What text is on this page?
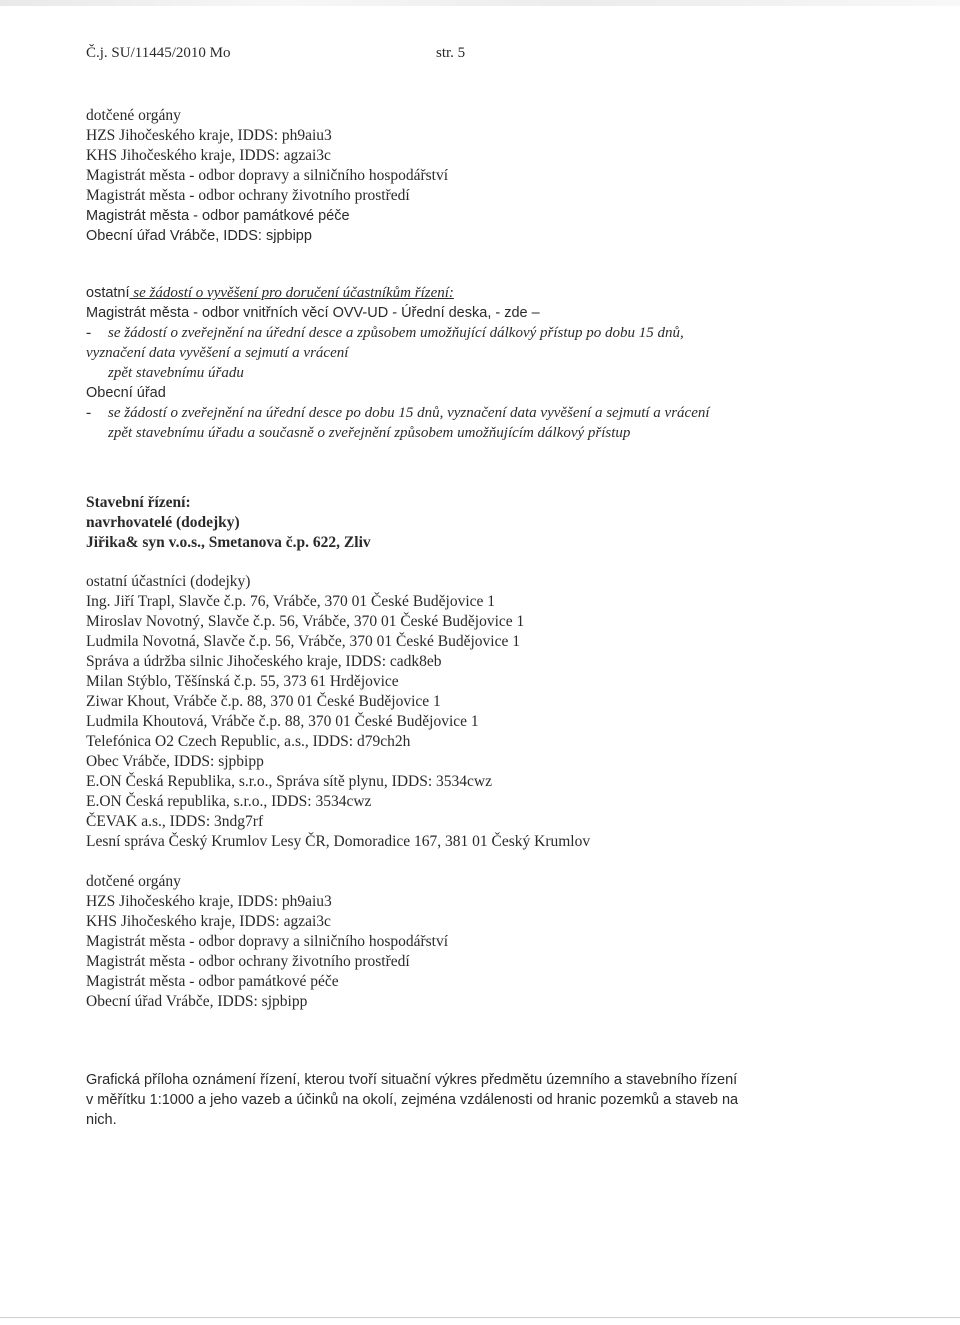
Č.j. SU/11445/2010 Mo	str. 5
dotčené orgány
HZS Jihočeského kraje, IDDS: ph9aiu3
KHS Jihočeského kraje, IDDS: agzai3c
Magistrát města - odbor dopravy a silničního hospodářství
Magistrát města - odbor ochrany životního prostředí
Magistrát města - odbor památkové péče
Obecní úřad Vrábče, IDDS: sjpbipp
ostatní se žádostí o vyvěšení pro doručení účastníkům řízení:
Magistrát města - odbor vnitřních věcí OVV-UD - Úřední deska, - zde –
- se žádostí o zveřejnění na úřední desce a způsobem umožňující dálkový přístup po dobu 15 dnů,
vyznačení data vyvěšení a sejmutí a vrácení
zpět stavebnímu úřadu
Obecní úřad
- se žádostí o zveřejnění na úřední desce po dobu 15 dnů, vyznačení data vyvěšení a sejmutí a vrácení
zpět stavebnímu úřadu a současně o zveřejnění způsobem umožňujícím dálkový přístup
Stavební řízení:
navrhovatelé (dodejky)
Jiřika& syn v.o.s., Smetanova č.p. 622, Zliv
ostatní účastníci (dodejky)
Ing. Jiří Trapl, Slavče č.p. 76, Vrábče, 370 01 České Budějovice 1
Miroslav Novotný, Slavče č.p. 56, Vrábče, 370 01 České Budějovice 1
Ludmila Novotná, Slavče č.p. 56, Vrábče, 370 01 České Budějovice 1
Správa a údržba silnic Jihočeského kraje, IDDS: cadk8eb
Milan Stýblo, Těšínská č.p. 55, 373 61 Hrdějovice
Ziwar Khout, Vrábče č.p. 88, 370 01 České Budějovice 1
Ludmila Khoutová, Vrábče č.p. 88, 370 01 České Budějovice 1
Telefónica O2 Czech Republic, a.s., IDDS: d79ch2h
Obec Vrábče, IDDS: sjpbipp
E.ON Česká Republika, s.r.o., Správa sítě plynu, IDDS: 3534cwz
E.ON Česká republika, s.r.o., IDDS: 3534cwz
ČEVAK a.s., IDDS: 3ndg7rf
Lesní správa Český Krumlov Lesy ČR, Domoradice 167, 381 01 Český Krumlov
dotčené orgány
HZS Jihočeského kraje, IDDS: ph9aiu3
KHS Jihočeského kraje, IDDS: agzai3c
Magistrát města - odbor dopravy a silničního hospodářství
Magistrát města - odbor ochrany životního prostředí
Magistrát města - odbor památkové péče
Obecní úřad Vrábče, IDDS: sjpbipp
Grafická příloha oznámení řízení, kterou tvoří situační výkres předmětu územního a stavebního řízení
v měřítku 1:1000 a jeho vazeb a účinků na okolí, zejména vzdálenosti od hranic pozemků a staveb na
nich.
